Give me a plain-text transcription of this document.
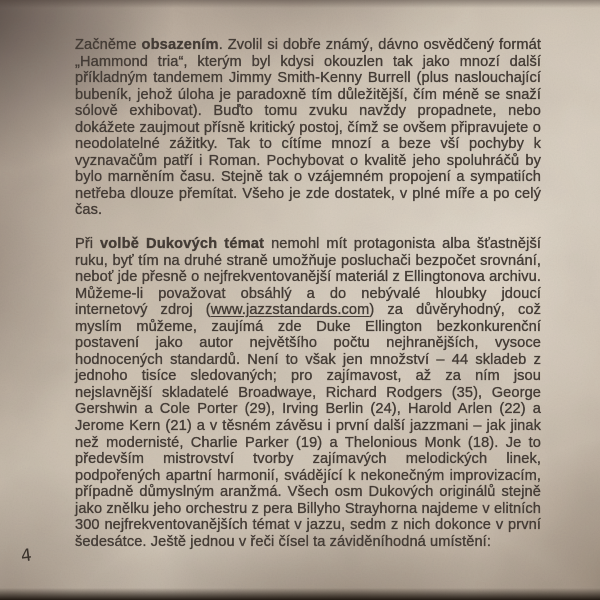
Začněme obsazením. Zvolil si dobře známý, dávno osvědčený formát „Hammond tria“, kterým byl kdysi okouzlen tak jako mnozí další příkladným tandemem Jimmy Smith-Kenny Burrell (plus naslouchající bubeník, jehož úloha je paradoxně tím důležitější, čím méně se snaží sólově exhibovat). Buďto tomu zvuku navždy propadnete, nebo dokážete zaujmout přísně kritický postoj, čímž se ovšem připravujete o neodolatelné zážitky. Tak to cítíme mnozí a beze vší pochyby k vyznavačům patří i Roman. Pochybovat o kvalitě jeho spoluhráčů by bylo marněním času. Stejně tak o vzájemném propojení a sympatiích netřeba dlouze přemítat. Všeho je zde dostatek, v plné míře a po celý čas.

Při volbě Dukových témat nemohl mít protagonista alba šťastnější ruku, byť tím na druhé straně umožňuje posluchači bezpočet srovnání, neboť jde přesně o nejfrekventovanější materiál z Ellingtonova archivu. Můžeme-li považovat obsáhlý a do nebývalé hloubky jdoucí internetový zdroj (www.jazzstandards.com) za důvěryhodný, což myslím můžeme, zaujímá zde Duke Ellington bezkonkurenční postavení jako autor největšího počtu nejhranějších, vysoce hodnocených standardů. Není to však jen množství – 44 skladeb z jednoho tisíce sledovaných; pro zajímavost, až za ním jsou nejslavnější skladatelé Broadwaye, Richard Rodgers (35), George Gershwin a Cole Porter (29), Irving Berlin (24), Harold Arlen (22) a Jerome Kern (21) a v těsném závěsu i první další jazzmani – jak jinak než modernisté, Charlie Parker (19) a Thelonious Monk (18). Je to především mistrovství tvorby zajímavých melodických linek, podpořených apartní harmonií, svádějící k nekonečným improvizacím, případně důmyslným aranžmá. Všech osm Dukových originálů stejně jako znělku jeho orchestru z pera Billyho Strayhorna najdeme v elitních 300 nejfrekventovanějších témat v jazzu, sedm z nich dokonce v první šedesátce. Ještě jednou v řeči čísel ta záviděníhodná umístění:

4
